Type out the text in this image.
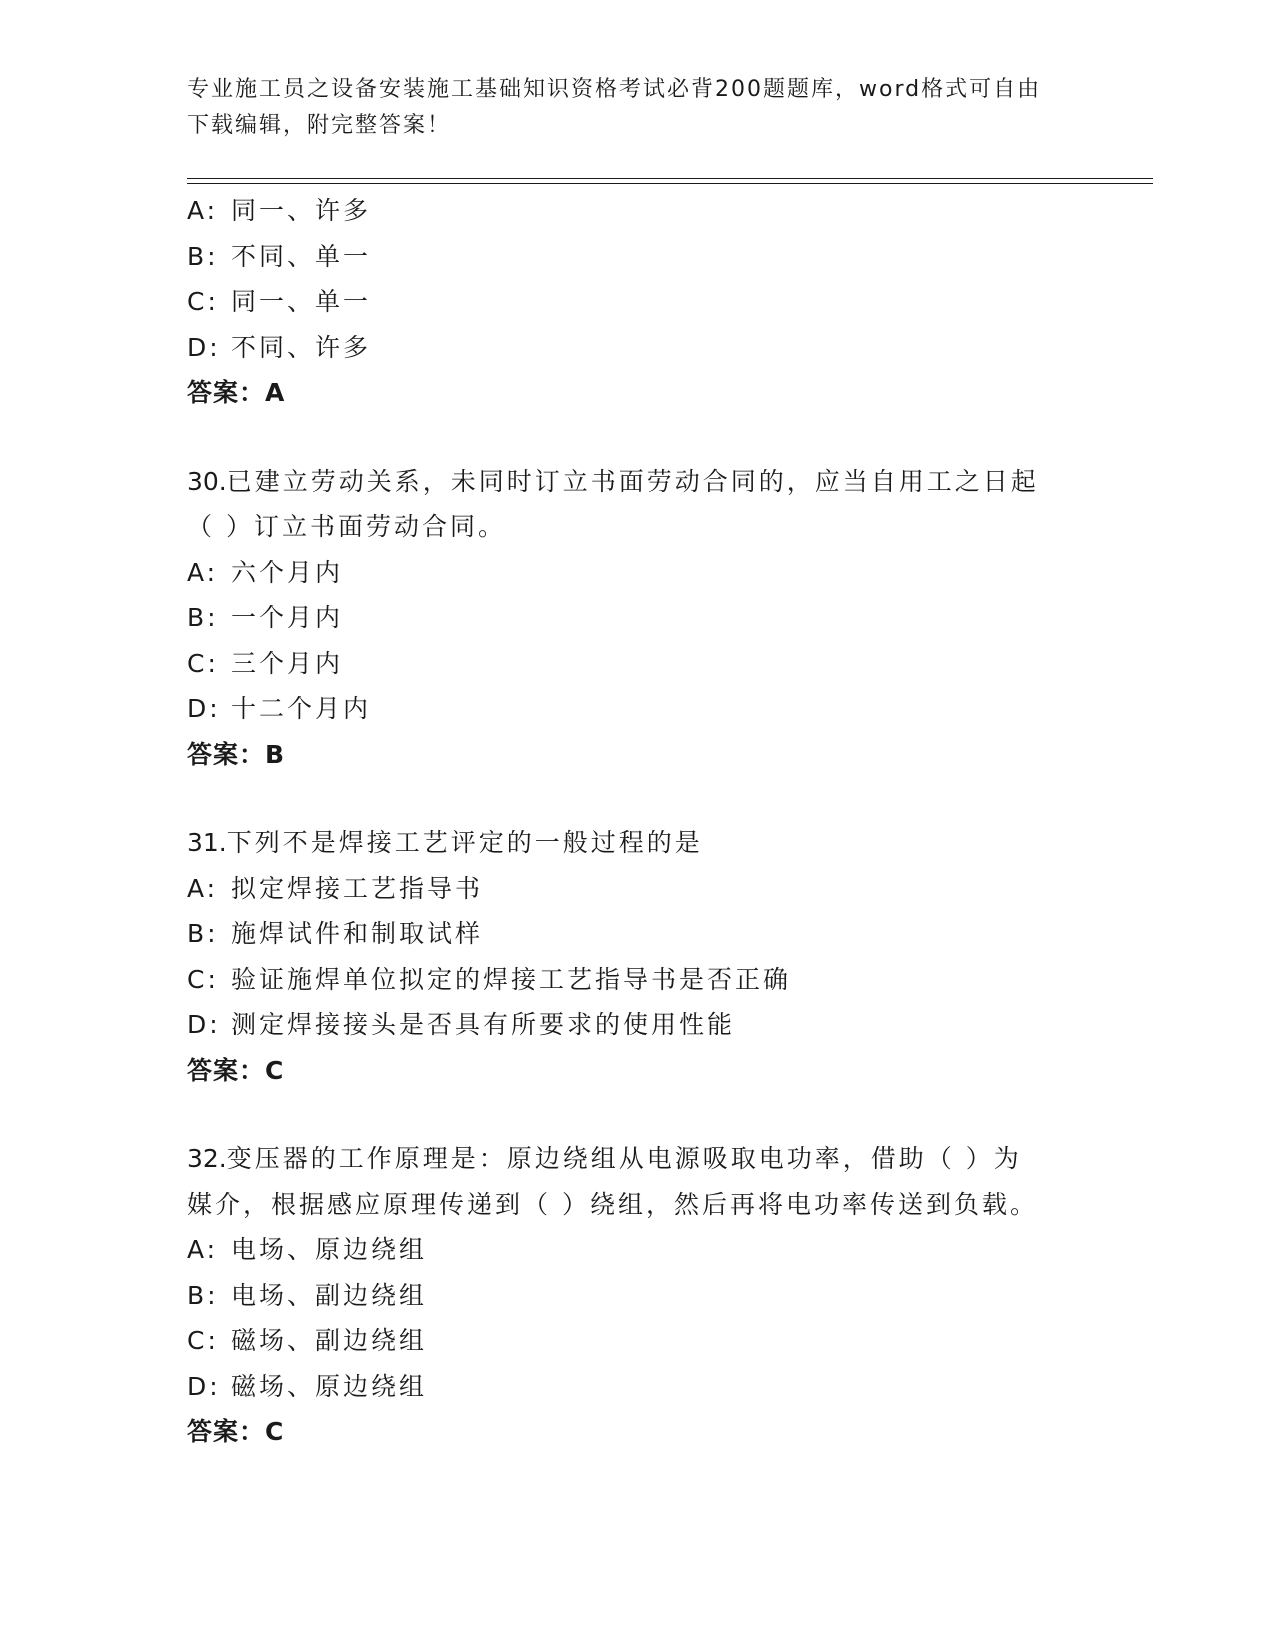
专业施工员之设备安装施工基础知识资格考试必背200题题库，word格式可自由
下载编辑，附完整答案！
A: 同一、许多
B: 不同、单一
C: 同一、单一
D: 不同、许多
答案：A
30.已建立劳动关系，未同时订立书面劳动合同的，应当自用工之日起
（ ）订立书面劳动合同。
A: 六个月内
B: 一个月内
C: 三个月内
D: 十二个月内
答案：B
31.下列不是焊接工艺评定的一般过程的是
A: 拟定焊接工艺指导书
B: 施焊试件和制取试样
C: 验证施焊单位拟定的焊接工艺指导书是否正确
D: 测定焊接接头是否具有所要求的使用性能
答案：C
32.变压器的工作原理是：原边绕组从电源吸取电功率，借助（ ）为
媒介，根据感应原理传递到（ ）绕组，然后再将电功率传送到负载。
A: 电场、原边绕组
B: 电场、副边绕组
C: 磁场、副边绕组
D: 磁场、原边绕组
答案：C
